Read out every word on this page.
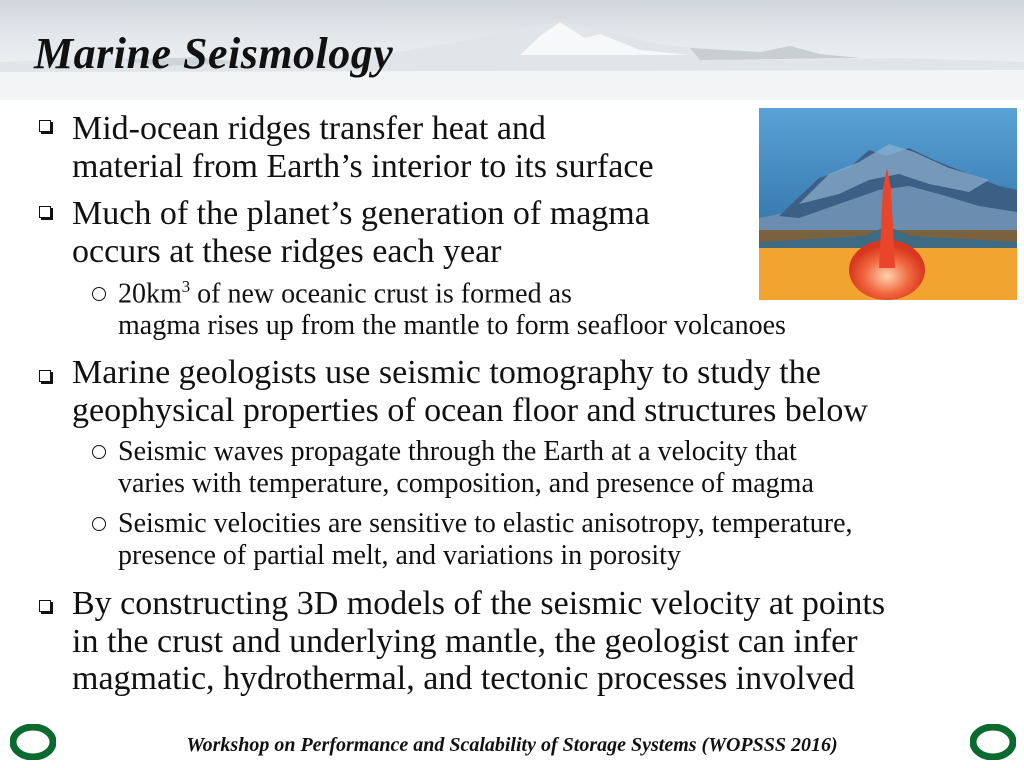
Marine Seismology

Mid-ocean ridges transfer heat and

material from Earth’s interior to its surface

Much of the planet’s generation of magma

occurs at these ridges each year

$20km^3$ of new oceanic crust is formed as

magma rises up from the mantle to form seafloor volcanoes

Marine geologists use seismic tomography to study the

geophysical properties of ocean floor and structures below

Seismic waves propagate through the Earth at a velocity that

varies with temperature, composition, and presence of magma

Seismic velocities are sensitive to elastic anisotropy, temperature,

presence of partial melt, and variations in porosity

By constructing 3D models of the seismic velocity at points

in the crust and underlying mantle, the geologist can infer

magmatic, hydrothermal, and tectonic processes involved

Workshop on Performance and Scalability of Storage Systems (WOPSSS 2016)
